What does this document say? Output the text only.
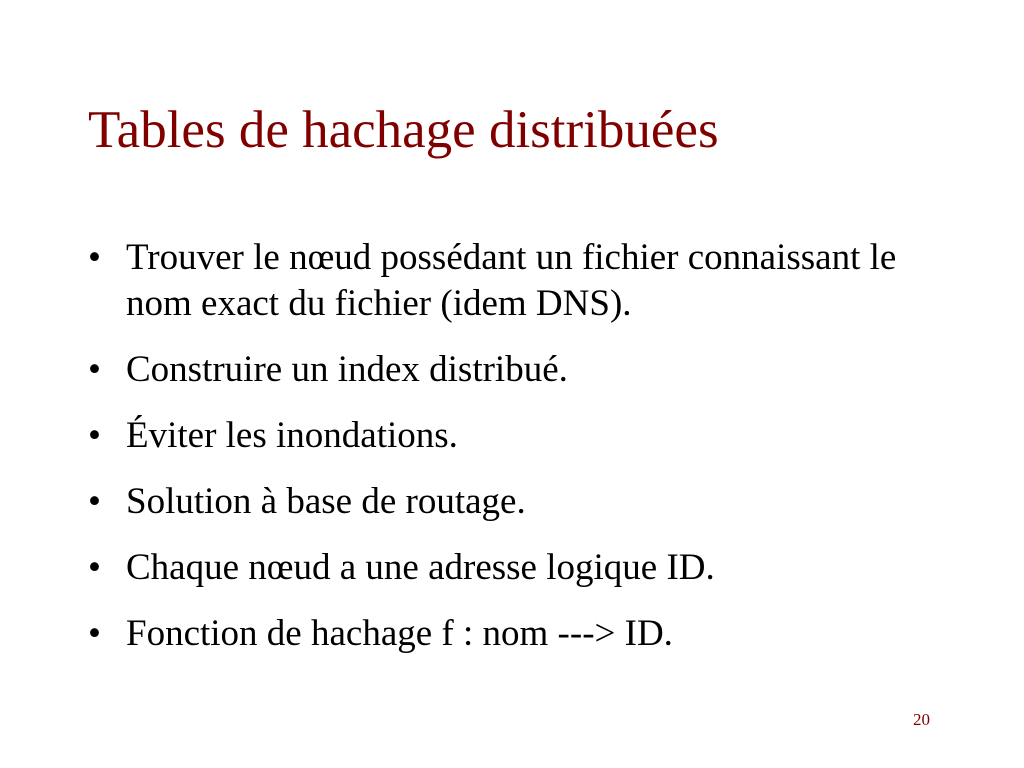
Tables de hachage distribuées
• Trouver le nœud possédant un fichier connaissant le nom exact du fichier (idem DNS).
• Construire un index distribué.
• Éviter les inondations.
• Solution à base de routage.
• Chaque nœud a une adresse logique ID.
• Fonction de hachage f : nom ---> ID.
20
